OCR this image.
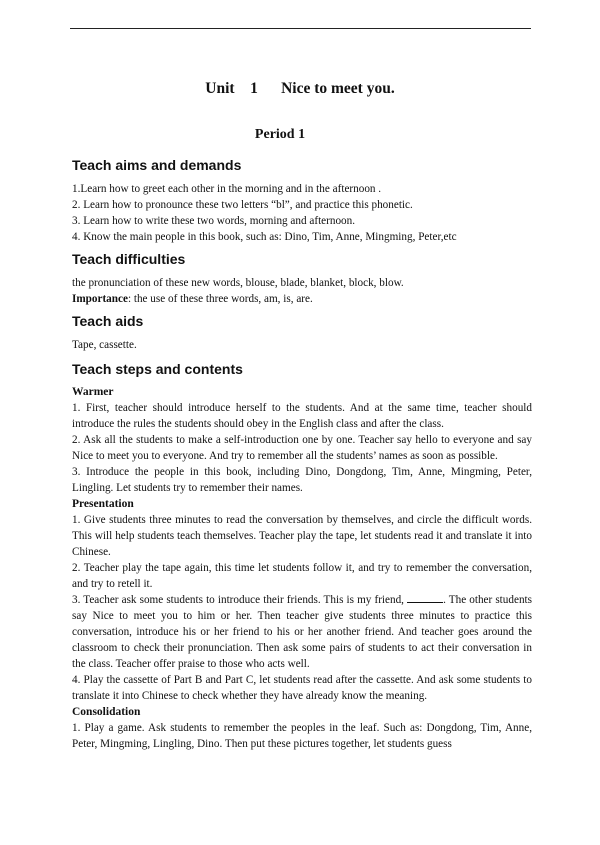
Unit    1      Nice to meet you.
Period 1
Teach aims and demands

1.Learn how to greet each other in the morning and in the afternoon .

2. Learn how to pronounce these two letters “bl”, and practice this phonetic.

3. Learn how to write these two words, morning and afternoon.

4. Know the main people in this book, such as: Dino, Tim, Anne, Mingming, Peter,etc

Teach difficulties

the pronunciation of these new words, blouse, blade, blanket, block, blow.

Importance: the use of these three words, am, is, are.

Teach aids

Tape, cassette.

Teach steps and contents

Warmer

1. First, teacher should introduce herself to the students. And at the same time, teacher should introduce the rules the students should obey in the English class and after the class.

2. Ask all the students to make a self-introduction one by one. Teacher say hello to everyone and say Nice to meet you to everyone. And try to remember all the students’ names as soon as possible.

3. Introduce the people in this book, including Dino, Dongdong, Tim, Anne, Mingming, Peter, Lingling. Let students try to remember their names.

Presentation

1. Give students three minutes to read the conversation by themselves, and circle the difficult words. This will help students teach themselves. Teacher play the tape, let students read it and translate it into Chinese.

2. Teacher play the tape again, this time let students follow it, and try to remember the conversation, and try to retell it.

3. Teacher ask some students to introduce their friends. This is my friend,	. The other students say Nice to meet you to him or her. Then teacher give students three minutes to practice this conversation, introduce his or her friend to his or her another friend. And teacher goes around the classroom to check their pronunciation. Then ask some pairs of students to act their conversation in the class. Teacher offer praise to those who acts well.

4. Play the cassette of Part B and Part C, let students read after the cassette. And ask some students to translate it into Chinese to check whether they have already know the meaning.

Consolidation

1. Play a game. Ask students to remember the peoples in the leaf. Such as: Dongdong, Tim, Anne, Peter, Mingming, Lingling, Dino. Then put these pictures together, let students guess
